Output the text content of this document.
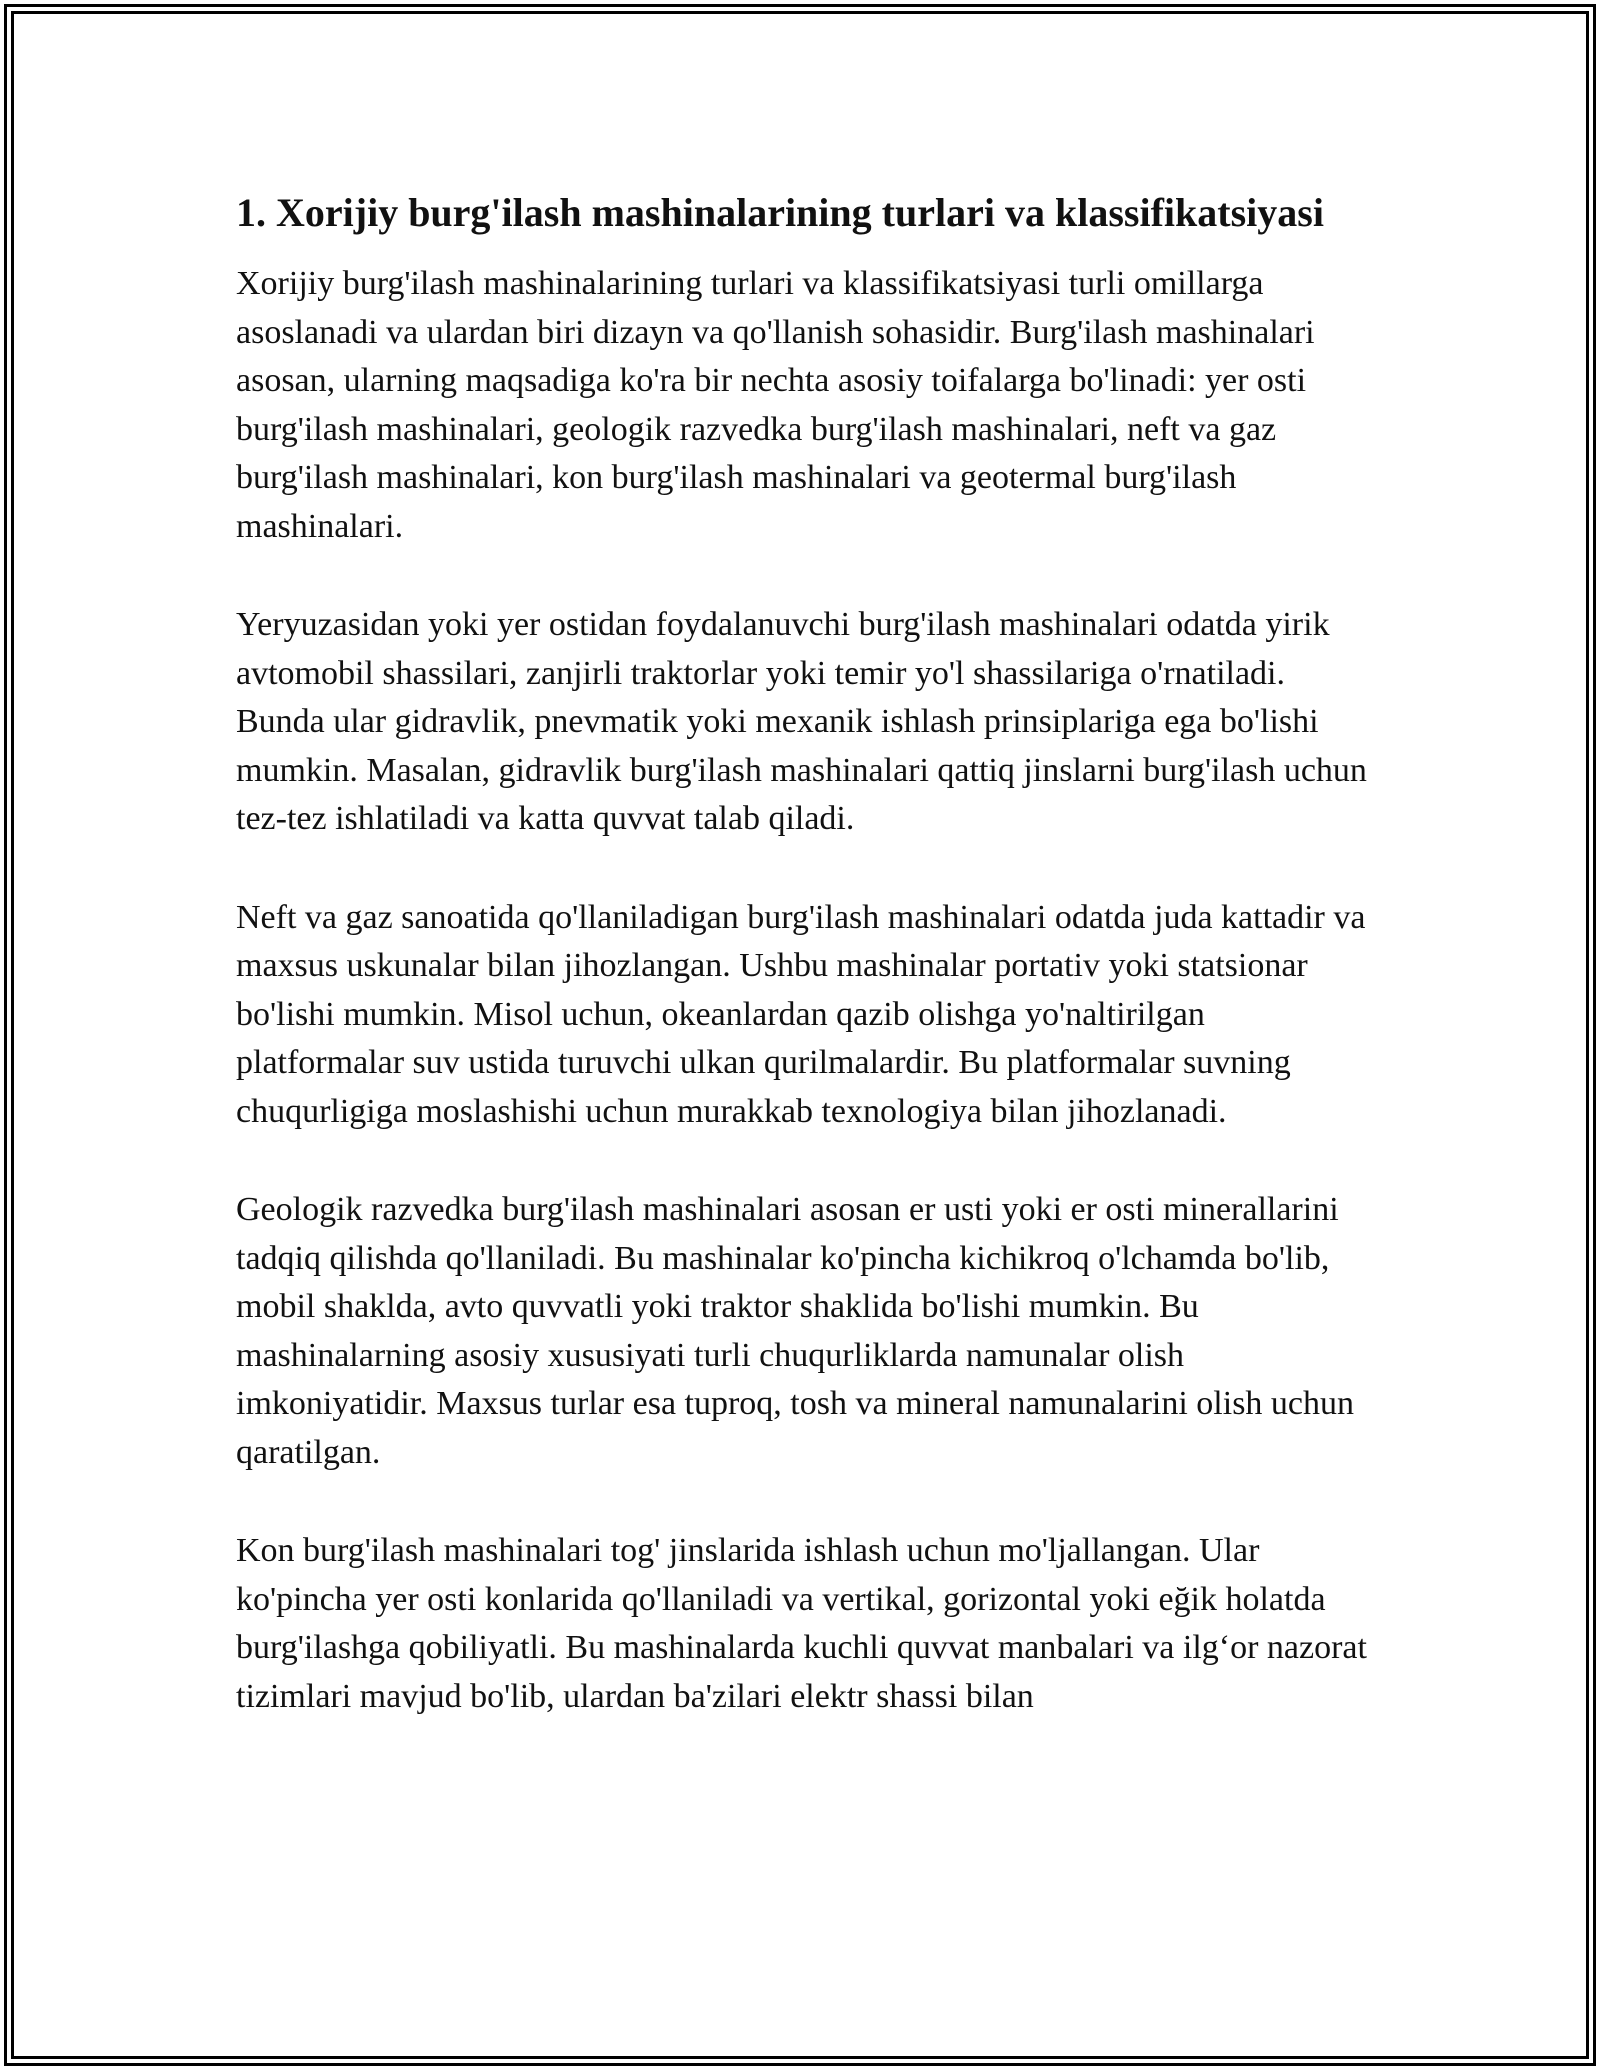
1. Xorijiy burg'ilash mashinalarining turlari va klassifikatsiyasi

Xorijiy burg'ilash mashinalarining turlari va klassifikatsiyasi turli omillarga asoslanadi va ulardan biri dizayn va qo'llanish sohasidir. Burg'ilash mashinalari asosan, ularning maqsadiga ko'ra bir nechta asosiy toifalarga bo'linadi: yer osti burg'ilash mashinalari, geologik razvedka burg'ilash mashinalari, neft va gaz burg'ilash mashinalari, kon burg'ilash mashinalari va geotermal burg'ilash mashinalari.

Yeryuzasidan yoki yer ostidan foydalanuvchi burg'ilash mashinalari odatda yirik avtomobil shassilari, zanjirli traktorlar yoki temir yo'l shassilariga o'rnatiladi. Bunda ular gidravlik, pnevmatik yoki mexanik ishlash prinsiplariga ega bo'lishi mumkin. Masalan, gidravlik burg'ilash mashinalari qattiq jinslarni burg'ilash uchun tez-tez ishlatiladi va katta quvvat talab qiladi.

Neft va gaz sanoatida qo'llaniladigan burg'ilash mashinalari odatda juda kattadir va maxsus uskunalar bilan jihozlangan. Ushbu mashinalar portativ yoki statsionar bo'lishi mumkin. Misol uchun, okeanlardan qazib olishga yo'naltirilgan platformalar suv ustida turuvchi ulkan qurilmalardir. Bu platformalar suvning chuqurligiga moslashishi uchun murakkab texnologiya bilan jihozlanadi.

Geologik razvedka burg'ilash mashinalari asosan er usti yoki er osti minerallarini tadqiq qilishda qo'llaniladi. Bu mashinalar ko'pincha kichikroq o'lchamda bo'lib, mobil shaklda, avto quvvatli yoki traktor shaklida bo'lishi mumkin. Bu mashinalarning asosiy xususiyati turli chuqurliklarda namunalar olish imkoniyatidir. Maxsus turlar esa tuproq, tosh va mineral namunalarini olish uchun qaratilgan.

Kon burg'ilash mashinalari tog' jinslarida ishlash uchun mo'ljallangan. Ular ko'pincha yer osti konlarida qo'llaniladi va vertikal, gorizontal yoki eğik holatda burg'ilashga qobiliyatli. Bu mashinalarda kuchli quvvat manbalari va ilg‘or nazorat tizimlari mavjud bo'lib, ulardan ba'zilari elektr shassi bilan
